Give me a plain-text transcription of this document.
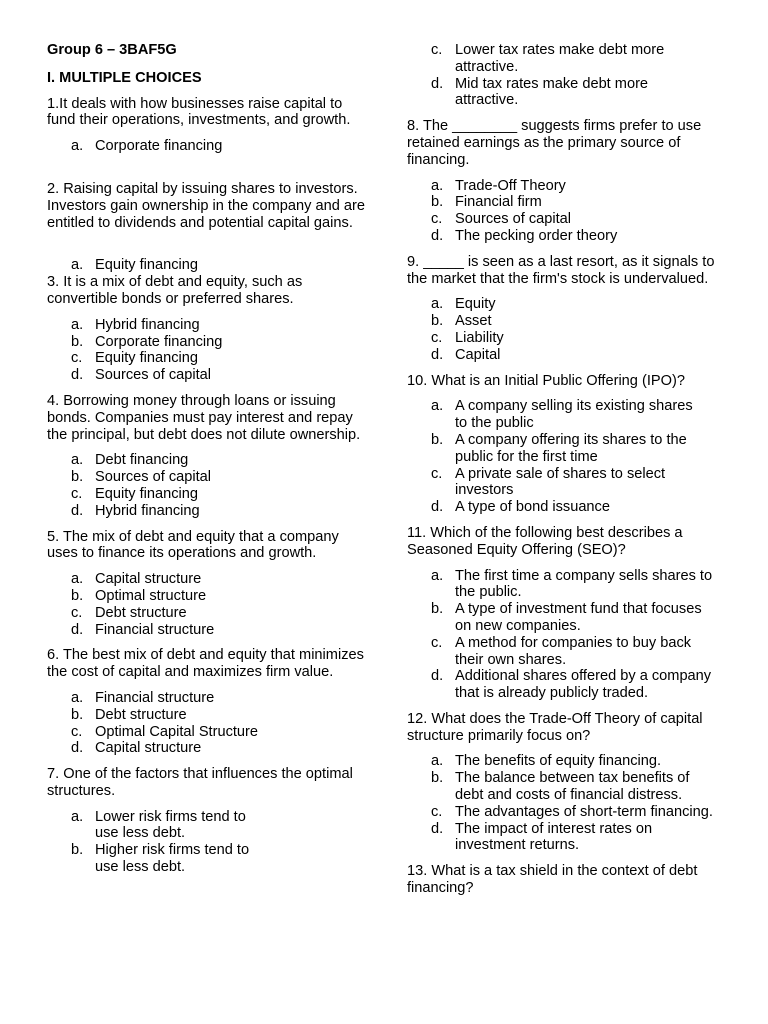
Group 6 – 3BAF5G

I. MULTIPLE CHOICES

1.It deals with how businesses raise capital to fund their operations, investments, and growth.

a. Corporate financing

2. Raising capital by issuing shares to investors. Investors gain ownership in the company and are entitled to dividends and potential capital gains.

a. Equity financing

3. It is a mix of debt and equity, such as convertible bonds or preferred shares.

a. Hybrid financing
b. Corporate financing
c. Equity financing
d. Sources of capital

4. Borrowing money through loans or issuing bonds. Companies must pay interest and repay the principal, but debt does not dilute ownership.

a. Debt financing
b. Sources of capital
c. Equity financing
d. Hybrid financing

5. The mix of debt and equity that a company uses to finance its operations and growth.

a. Capital structure
b. Optimal structure
c. Debt structure
d. Financial structure

6. The best mix of debt and equity that minimizes the cost of capital and maximizes firm value.

a. Financial structure
b. Debt structure
c. Optimal Capital Structure
d. Capital structure

7. One of the factors that influences the optimal structures.

a. Lower risk firms tend to use less debt.
b. Higher risk firms tend to use less debt.
c. Lower tax rates make debt more attractive.
d. Mid tax rates make debt more attractive.

8. The ________ suggests firms prefer to use retained earnings as the primary source of financing.

a. Trade-Off Theory
b. Financial firm
c. Sources of capital
d. The pecking order theory

9. _____ is seen as a last resort, as it signals to the market that the firm's stock is undervalued.

a. Equity
b. Asset
c. Liability
d. Capital

10. What is an Initial Public Offering (IPO)?

a. A company selling its existing shares to the public
b. A company offering its shares to the public for the first time
c. A private sale of shares to select investors
d. A type of bond issuance

11. Which of the following best describes a Seasoned Equity Offering (SEO)?

a. The first time a company sells shares to the public.
b. A type of investment fund that focuses on new companies.
c. A method for companies to buy back their own shares.
d. Additional shares offered by a company that is already publicly traded.

12. What does the Trade-Off Theory of capital structure primarily focus on?

a. The benefits of equity financing.
b. The balance between tax benefits of debt and costs of financial distress.
c. The advantages of short-term financing.
d. The impact of interest rates on investment returns.

13. What is a tax shield in the context of debt financing?
